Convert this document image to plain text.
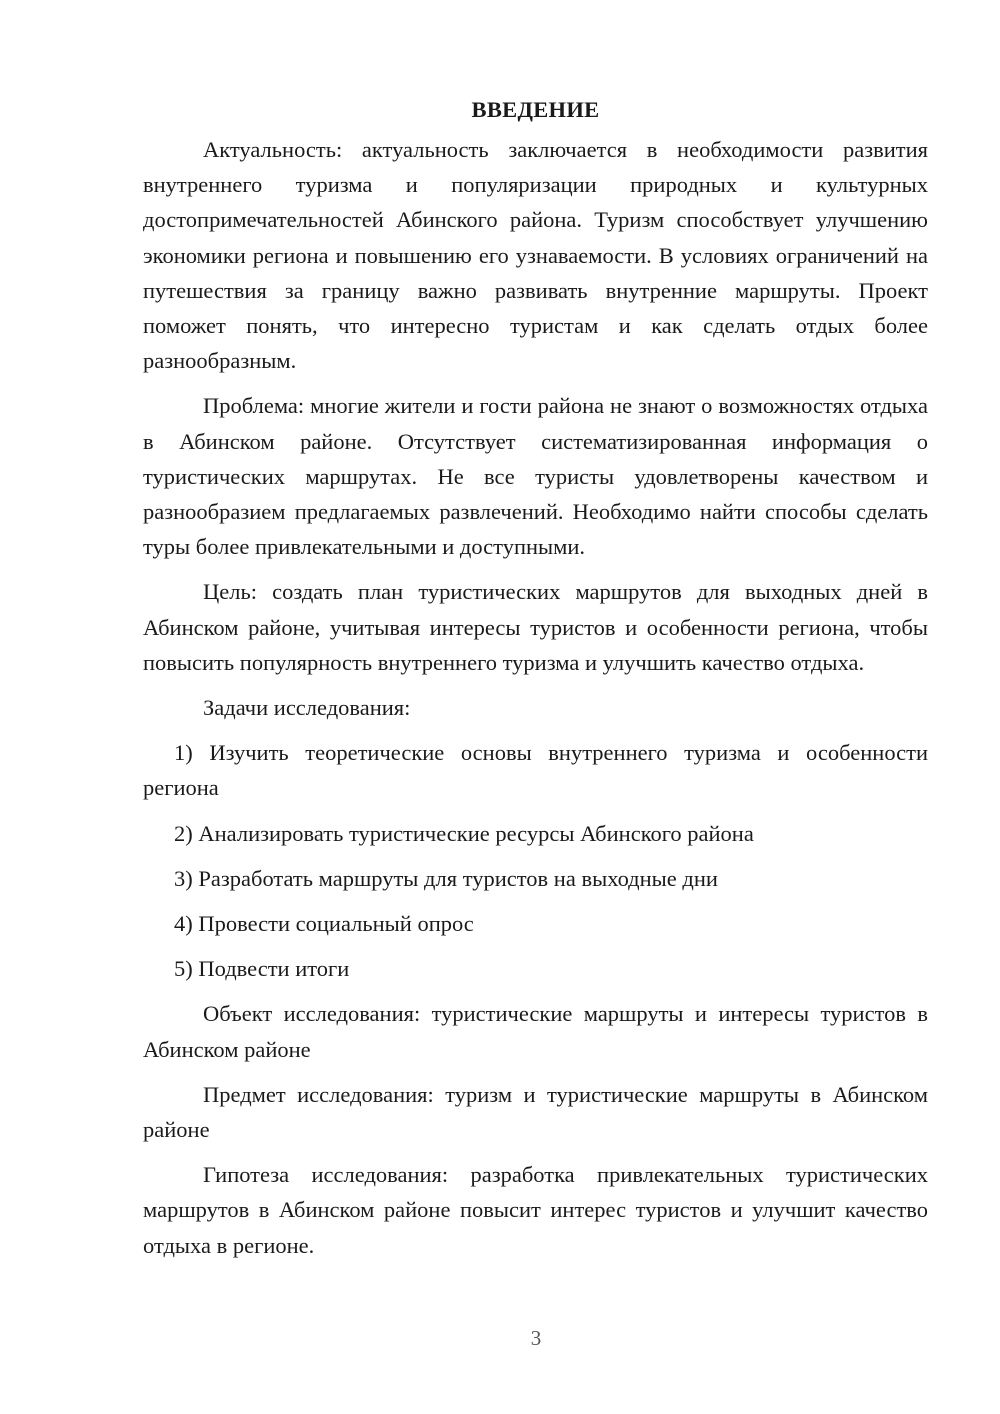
ВВЕДЕНИЕ

Актуальность: актуальность заключается в необходимости развития внутреннего туризма и популяризации природных и культурных достопримечательностей Абинского района. Туризм способствует улучшению экономики региона и повышению его узнаваемости. В условиях ограничений на путешествия за границу важно развивать внутренние маршруты. Проект поможет понять, что интересно туристам и как сделать отдых более разнообразным.

Проблема: многие жители и гости района не знают о возможностях отдыха в Абинском районе. Отсутствует систематизированная информация о туристических маршрутах. Не все туристы удовлетворены качеством и разнообразием предлагаемых развлечений. Необходимо найти способы сделать туры более привлекательными и доступными.

Цель: создать план туристических маршрутов для выходных дней в Абинском районе, учитывая интересы туристов и особенности региона, чтобы повысить популярность внутреннего туризма и улучшить качество отдыха.

Задачи исследования:

1) Изучить теоретические основы внутреннего туризма и особенности региона

2) Анализировать туристические ресурсы Абинского района

3) Разработать маршруты для туристов на выходные дни

4) Провести социальный опрос

5) Подвести итоги

Объект исследования: туристические маршруты и интересы туристов в Абинском районе

Предмет исследования: туризм и туристические маршруты в Абинском районе

Гипотеза исследования: разработка привлекательных туристических маршрутов в Абинском районе повысит интерес туристов и улучшит качество отдыха в регионе.

3
